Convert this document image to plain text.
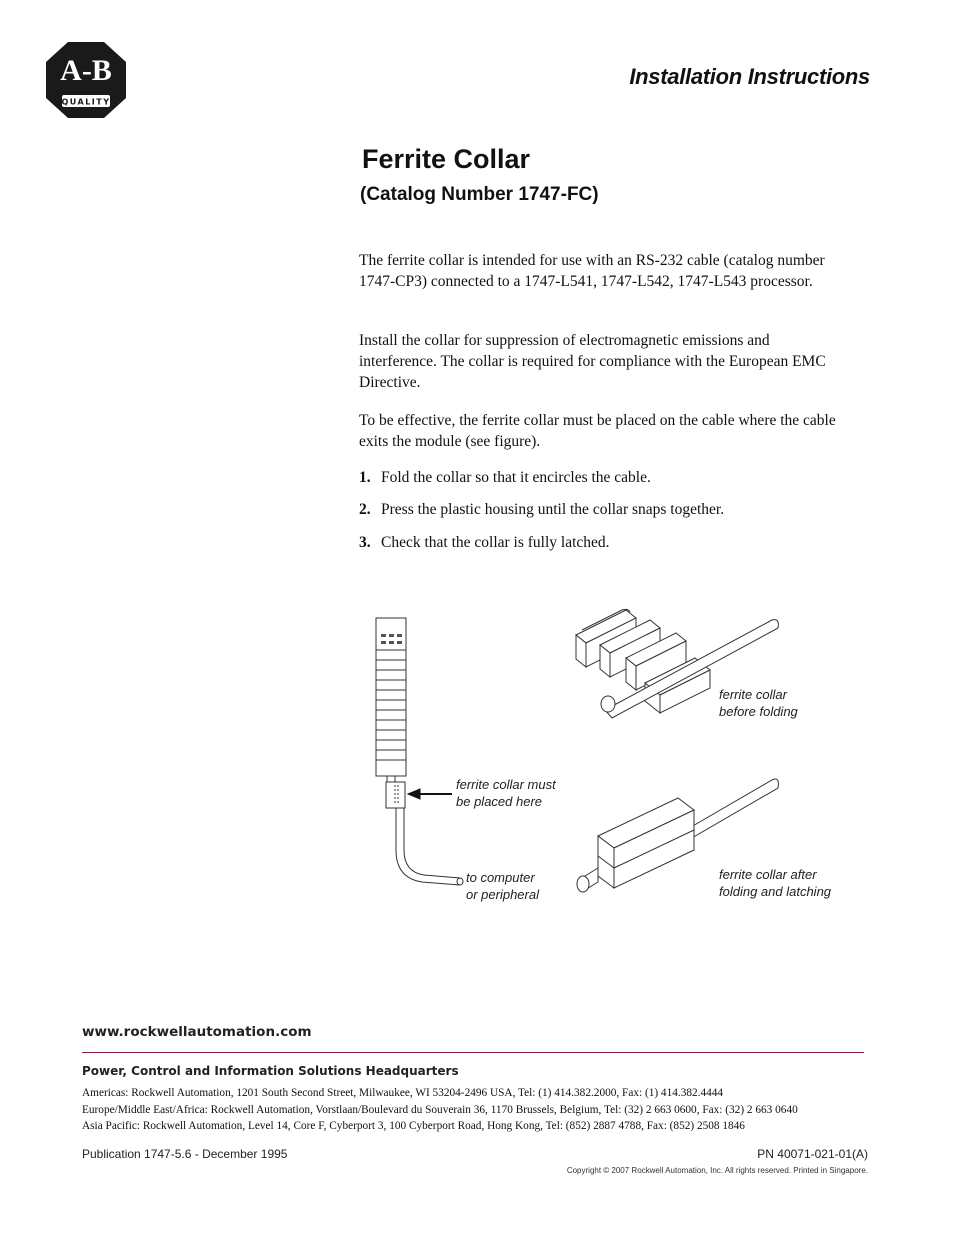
A-B
QUALITY
Installation Instructions
Ferrite Collar
(Catalog Number 1747-FC)
The ferrite collar is intended for use with an RS-232 cable (catalog number 1747-CP3) connected to a 1747-L541, 1747-L542, 1747-L543 processor.
Install the collar for suppression of electromagnetic emissions and interference. The collar is required for compliance with the European EMC Directive.
To be effective, the ferrite collar must be placed on the cable where the cable exits the module (see figure).
1. Fold the collar so that it encircles the cable.
2. Press the plastic housing until the collar snaps together.
3. Check that the collar is fully latched.
ferrite collar
before folding
ferrite collar must
be placed here
to computer
or peripheral
ferrite collar after
folding and latching
www.rockwellautomation.com
Power, Control and Information Solutions Headquarters
Americas: Rockwell Automation, 1201 South Second Street, Milwaukee, WI 53204-2496 USA, Tel: (1) 414.382.2000, Fax: (1) 414.382.4444
Europe/Middle East/Africa: Rockwell Automation, Vorstlaan/Boulevard du Souverain 36, 1170 Brussels, Belgium, Tel: (32) 2 663 0600, Fax: (32) 2 663 0640
Asia Pacific: Rockwell Automation, Level 14, Core F, Cyberport 3, 100 Cyberport Road, Hong Kong, Tel: (852) 2887 4788, Fax: (852) 2508 1846
Publication 1747-5.6 - December 1995	PN 40071-021-01(A)
Copyright © 2007 Rockwell Automation, Inc. All rights reserved. Printed in Singapore.
